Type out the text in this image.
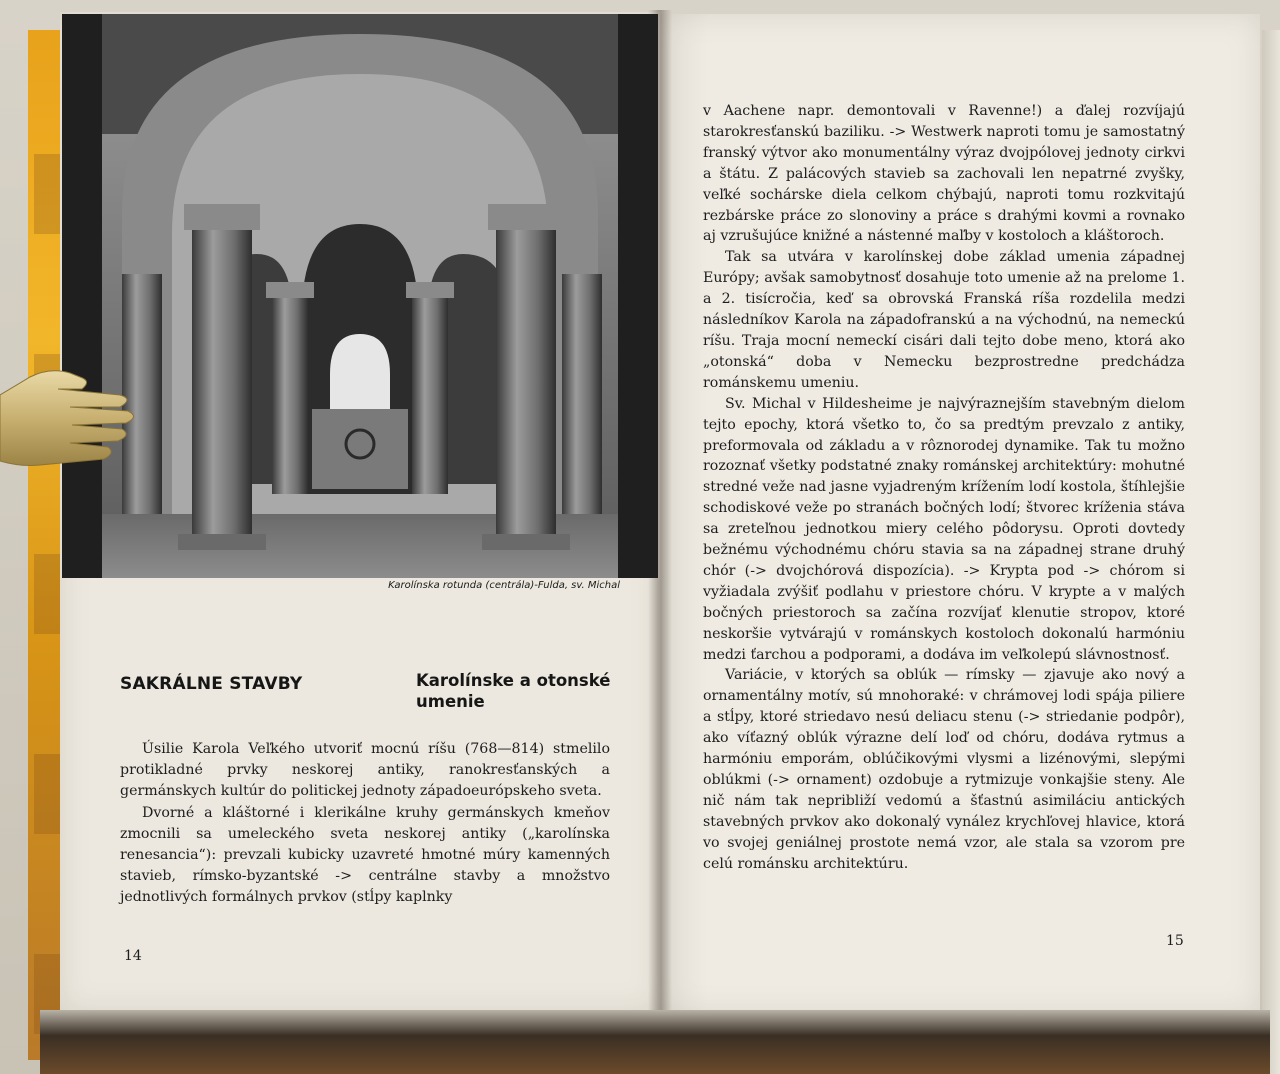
Karolínska rotunda (centrála)-Fulda, sv. Michal
SAKRÁLNE STAVBY	Karolínske a otonské umenie

Úsilie Karola Veľkého utvoriť mocnú ríšu (768—814) stmelilo protikladné prvky neskorej antiky, ranokresťanských a germánskych kultúr do politickej jednoty západoeurópskeho sveta.

Dvorné a kláštorné i klerikálne kruhy germánskych kmeňov zmocnili sa umeleckého sveta neskorej antiky („karolínska renesancia“): prevzali kubicky uzavreté hmotné múry kamenných stavieb, rímsko-byzantské -> centrálne stavby a množstvo jednotlivých formálnych prvkov (stĺpy kaplnky

14

v Aachene napr. demontovali v Ravenne!) a ďalej rozvíjajú starokresťanskú baziliku. -> Westwerk naproti tomu je samostatný franský výtvor ako monumentálny výraz dvojpólovej jednoty cirkvi a štátu. Z palácových stavieb sa zachovali len nepatrné zvyšky, veľké sochárske diela celkom chýbajú, naproti tomu rozkvitajú rezbárske práce zo slonoviny a práce s drahými kovmi a rovnako aj vzrušujúce knižné a nástenné maľby v kostoloch a kláštoroch.

Tak sa utvára v karolínskej dobe základ umenia západnej Európy; avšak samobytnosť dosahuje toto umenie až na prelome 1. a 2. tisícročia, keď sa obrovská Franská ríša rozdelila medzi následníkov Karola na západofranskú a na východnú, na nemeckú ríšu. Traja mocní nemeckí cisári dali tejto dobe meno, ktorá ako „otonská“ doba v Nemecku bezprostredne predchádza románskemu umeniu.

Sv. Michal v Hildesheime je najvýraznejším stavebným dielom tejto epochy, ktorá všetko to, čo sa predtým prevzalo z antiky, preformovala od základu a v rôznorodej dynamike. Tak tu možno rozoznať všetky podstatné znaky románskej architektúry: mohutné stredné veže nad jasne vyjadreným krížením lodí kostola, štíhlejšie schodiskové veže po stranách bočných lodí; štvorec kríženia stáva sa zreteľnou jednotkou miery celého pôdorysu. Oproti dovtedy bežnému východnému chóru stavia sa na západnej strane druhý chór (-> dvojchórová dispozícia). -> Krypta pod -> chórom si vyžiadala zvýšiť podlahu v priestore chóru. V krypte a v malých bočných priestoroch sa začína rozvíjať klenutie stropov, ktoré neskoršie vytvárajú v románskych kostoloch dokonalú harmóniu medzi ťarchou a podporami, a dodáva im veľkolepú slávnostnosť.

Variácie, v ktorých sa oblúk — rímsky — zjavuje ako nový a ornamentálny motív, sú mnohoraké: v chrámovej lodi spája piliere a stĺpy, ktoré striedavo nesú deliacu stenu (-> striedanie podpôr), ako víťazný oblúk výrazne delí loď od chóru, dodáva rytmus a harmóniu emporám, oblúčikovými vlysmi a lizénovými, slepými oblúkmi (-> ornament) ozdobuje a rytmizuje vonkajšie steny. Ale nič nám tak nepribliží vedomú a šťastnú asimiláciu antických stavebných prvkov ako dokonalý vynález krychľovej hlavice, ktorá vo svojej geniálnej prostote nemá vzor, ale stala sa vzorom pre celú románsku architektúru.

15
